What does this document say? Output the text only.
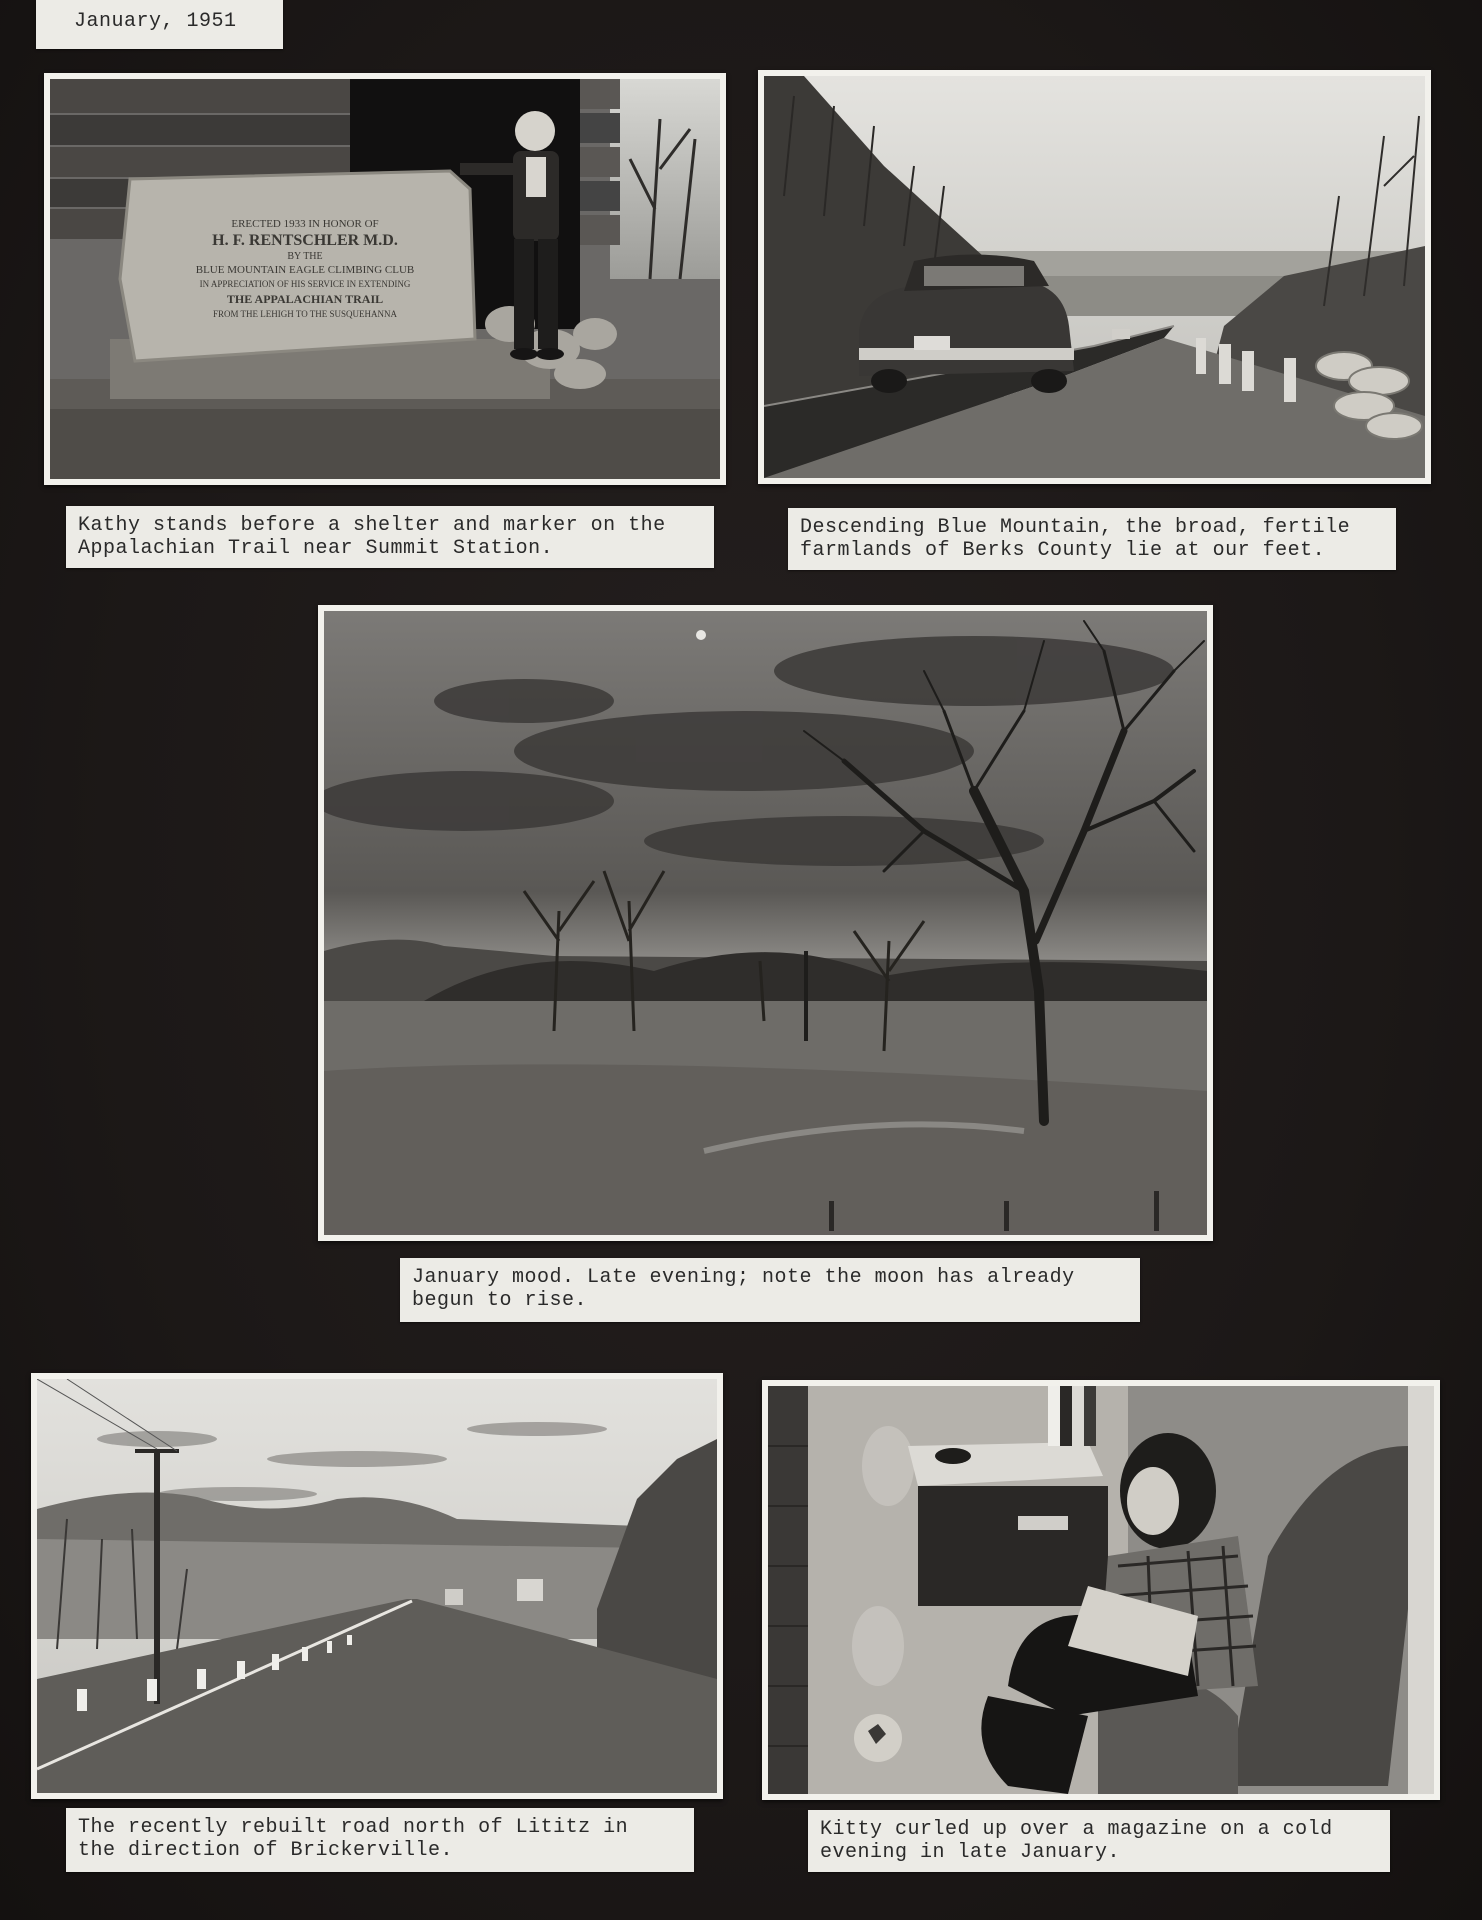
January, 1951
ERECTED 1933 IN HONOR OF
H. F. RENTSCHLER M.D.
BY THE
BLUE MOUNTAIN EAGLE CLIMBING CLUB
IN APPRECIATION OF HIS SERVICE IN EXTENDING
THE APPALACHIAN TRAIL
FROM THE LEHIGH TO THE SUSQUEHANNA
Kathy stands before a shelter and marker on the
Appalachian Trail near Summit Station.
Descending Blue Mountain, the broad, fertile
farmlands of Berks County lie at our feet.
January mood. Late evening; note the moon has already
begun to rise.
The recently rebuilt road north of Lititz in
the direction of Brickerville.
Kitty curled up over a magazine on a cold
evening in late January.
